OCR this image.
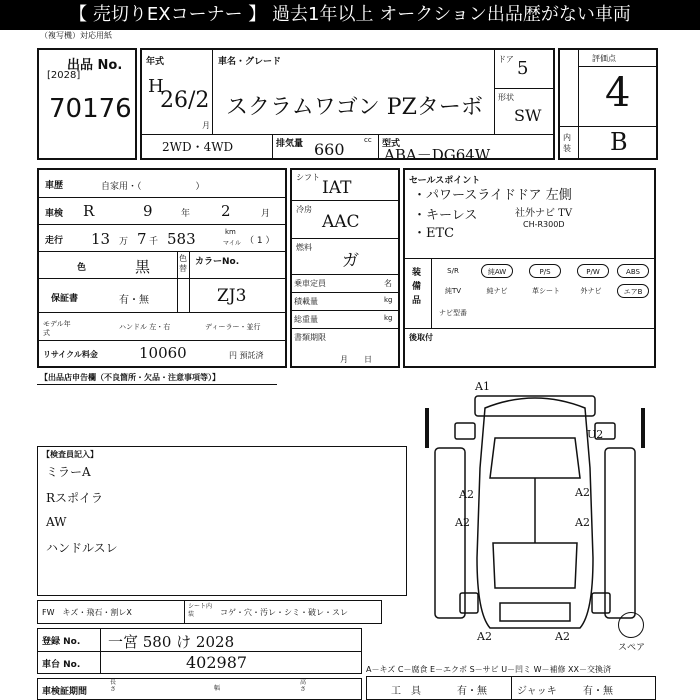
【 売切りEXコーナー 】 過去1年以上 オークション出品歴がない車両
（複写機）対応用紙
出品 No.
[2028]
70176
年式
H
26/2
月
車名・グレード
スクラムワゴン PZターボ
ドア 5
形状
SW
2WD・4WD	排気量 660	cc 型式
ABA－DG64W
評価点
4
内装 B
車歴	自家用・（　　　　　　）
車検 R	9	年 2	月
走行 13 万 7 千 583	km
マイル （ 1 ）
色	黒	色替
カラーNo.
ZJ3
保証書	有・無
モデル年式
ハンドル 左・右	ディーラー・並行
リサイクル料金	10060	円 預託済
シフト
IAT
冷房
AAC
燃料
ガ
乗車定員	名
積載量	kg
総重量	kg
書類期限
月　　日
セールスポイント
・パワースライドドア 左側
・キーレス	社外ナビ TV
CH-R300D
・ETC
装備品
S/R	純AW	P/S	P/W	ABS
純TV	純ナビ	革シート	外ナビ	エアB
ナビ型番
後取付
【出品店申告欄（不良箇所・欠品・注意事項等）】
【検査員記入】
ミラーA
Rスポイラ
AW
ハンドルスレ
FW　キズ・飛石・割レX
シート内装	コゲ・穴・汚レ・シミ・破レ・スレ
登録 No. 一宮 580 け 2028
車台 No.	402987
車検証期間
長さ	幅
高さ
A1
U2
A2
A2
A2
A2
A2	A2
スペア
A－キズ C－腐食 E－エクボ S－サビ U－凹ミ W－補修 XX－交換済
工　具	有・無	ジャッキ	有・無
